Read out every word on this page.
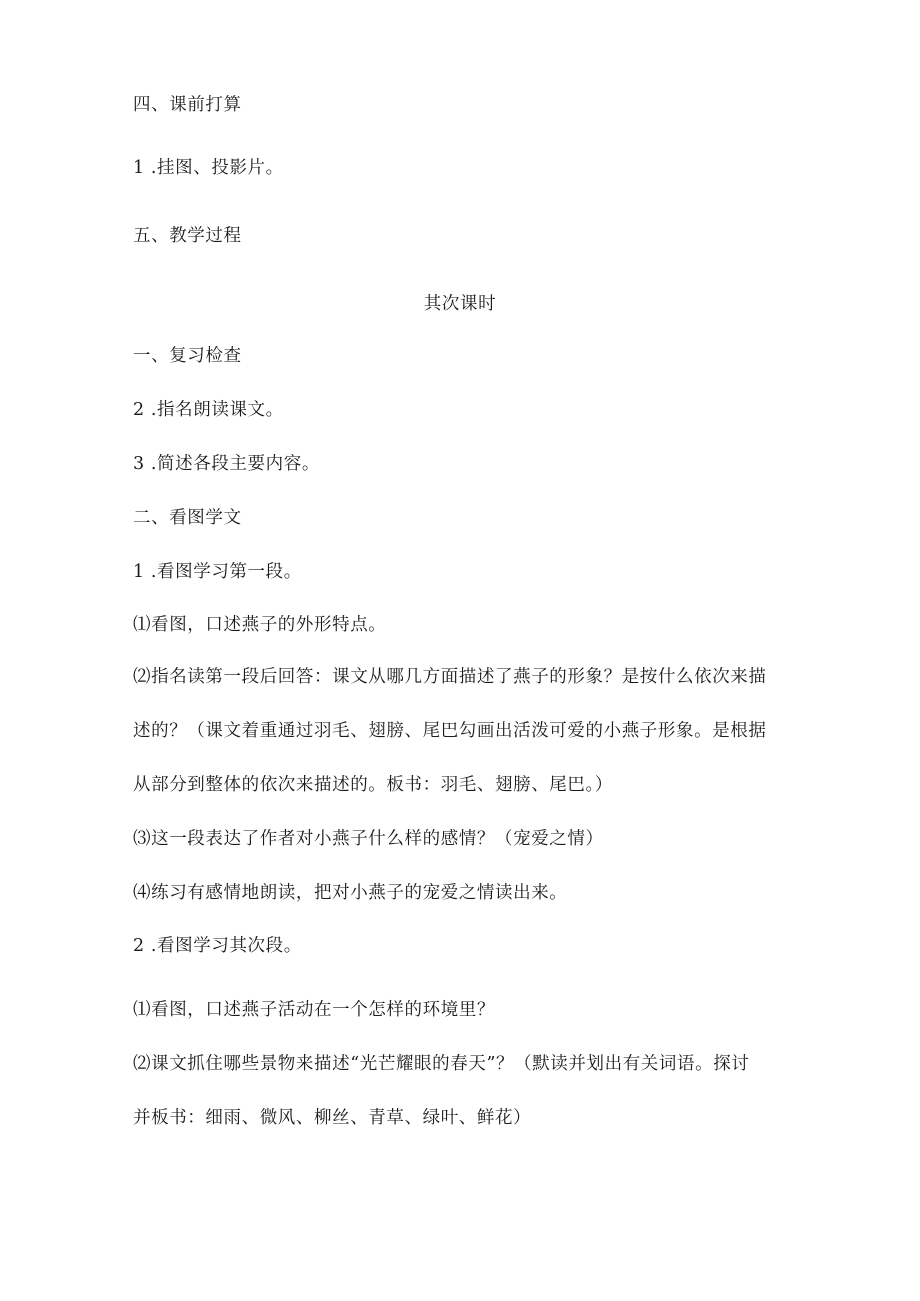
四、课前打算
1 .挂图、投影片。
五、教学过程
其次课时
一、复习检查
2 .指名朗读课文。
3 .简述各段主要内容。
二、看图学文
1 .看图学习第一段。
⑴看图，口述燕子的外形特点。
⑵指名读第一段后回答：课文从哪几方面描述了燕子的形象？是按什么依次来描
述的？（课文着重通过羽毛、翅膀、尾巴勾画出活泼可爱的小燕子形象。是根据
从部分到整体的依次来描述的。板书：羽毛、翅膀、尾巴。）
⑶这一段表达了作者对小燕子什么样的感情？（宠爱之情）
⑷练习有感情地朗读，把对小燕子的宠爱之情读出来。
2 .看图学习其次段。
⑴看图，口述燕子活动在一个怎样的环境里？
⑵课文抓住哪些景物来描述“光芒耀眼的春天”？（默读并划出有关词语。探讨
并板书：细雨、微风、柳丝、青草、绿叶、鲜花）
